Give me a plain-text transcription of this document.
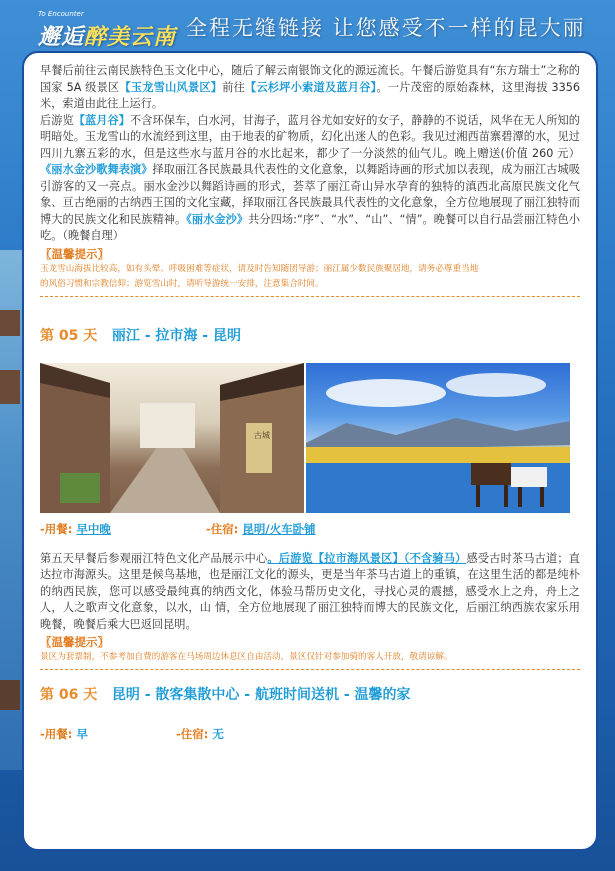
To Encounter
邂逅醉美云南 全程无缝链接 让您感受不一样的昆大丽

早餐后前往云南民族特色玉文化中心，随后了解云南银饰文化的源远流长。午餐后游览具有“东方瑞士”之称的国家 5A 级景区【玉龙雪山风景区】前往【云杉坪小索道及蓝月谷】。一片茂密的原始森林，这里海拔 3356 米，索道由此往上运行。

后游览【蓝月谷】不含环保车，白水河，甘海子，蓝月谷尤如安好的女子，静静的不说话，风华在无人所知的明暗处。玉龙雪山的水流经到这里，由于地表的矿物质，幻化出迷人的色彩。我见过湘西苗寨碧潭的水，见过四川九寨五彩的水，但是这些水与蓝月谷的水比起来，都少了一分淡然的仙气儿。晚上赠送(价值 260 元）《丽水金沙歌舞表演》择取丽江各民族最具代表性的文化意象，以舞蹈诗画的形式加以表现，成为丽江古城吸引游客的又一亮点。丽水金沙以舞蹈诗画的形式，荟萃了丽江奇山异水孕育的独特的滇西北高原民族文化气象、亘古绝丽的古纳西王国的文化宝藏，择取丽江各民族最具代表性的文化意象，全方位地展现了丽江独特而博大的民族文化和民族精神。《丽水金沙》共分四场:“序”、“水”、“山”、“情”。晚餐可以自行品尝丽江特色小吃。（晚餐自理）

〖温馨提示〗
玉龙雪山海拔比较高，如有头晕、呼吸困难等症状，请及时告知随团导游；丽江属少数民族聚居地，请务必尊重当地
的风俗习惯和宗教信仰；游览雪山时，请听导游统一安排，注意集合时间。
第 05 天 丽江 - 拉市海 - 昆明
古城
-用餐: 早中晚	-住宿: 昆明/火车卧铺

第五天早餐后参观丽江特色文化产品展示中心。后游览【拉市海风景区】（不含骑马）感受古时茶马古道；直达拉市海源头。这里是候鸟基地，也是丽江文化的源头，更是当年茶马古道上的重镇，在这里生活的都是纯朴的纳西民族，您可以感受最纯真的纳西文化，体验马帮历史文化，寻找心灵的震撼，感受水上之舟，舟上之人，人之歌声文化意象，以水，山 情，全方位地展现了丽江独特而博大的民族文化，后丽江纳西族农家乐用晚餐，晚餐后乘大巴返回昆明。

〖温馨提示〗
景区为套票制，不参考加自费的游客在马场周边休息区自由活动，景区仅针对参加骑的客人开放，敬请谅解。
第 06 天 昆明 - 散客集散中心 - 航班时间送机 - 温馨的家
-用餐: 早	-住宿: 无
